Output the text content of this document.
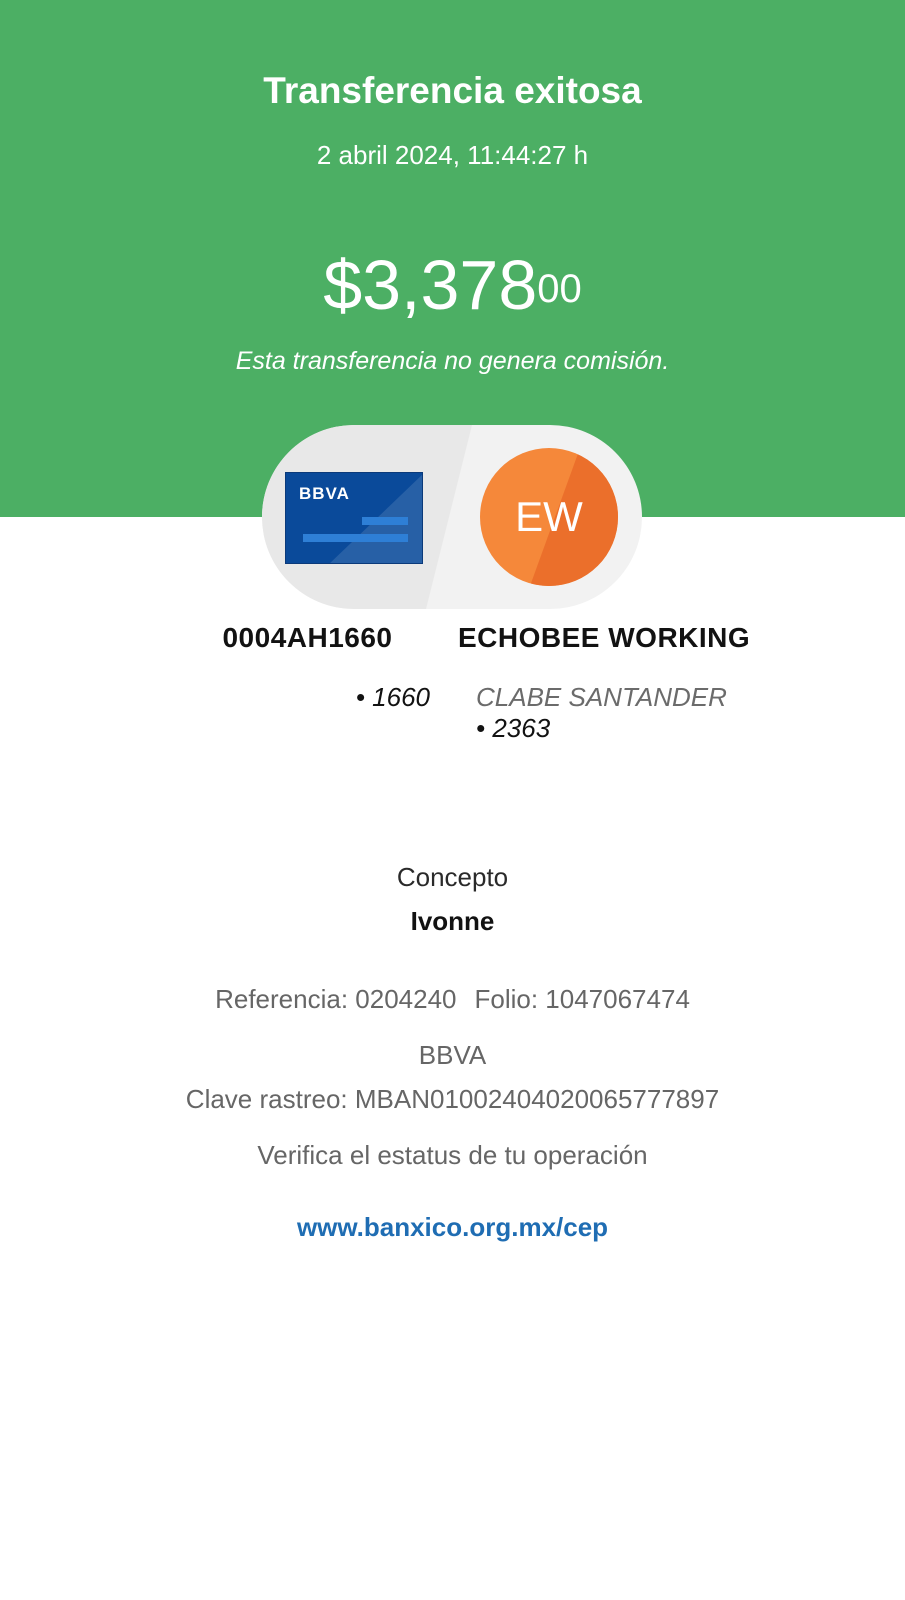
Transferencia exitosa
2 abril 2024, 11:44:27 h
$3,378$^{00}$
Esta transferencia no genera comisión.
BBVA	EW
0004AH1660
• 1660
ECHOBEE WORKING
CLABE SANTANDER
• 2363
Concepto
Ivonne
Referencia: 0204240 Folio: 1047067474
BBVA
Clave rastreo: MBAN01002404020065777897
Verifica el estatus de tu operación
www.banxico.org.mx/cep
